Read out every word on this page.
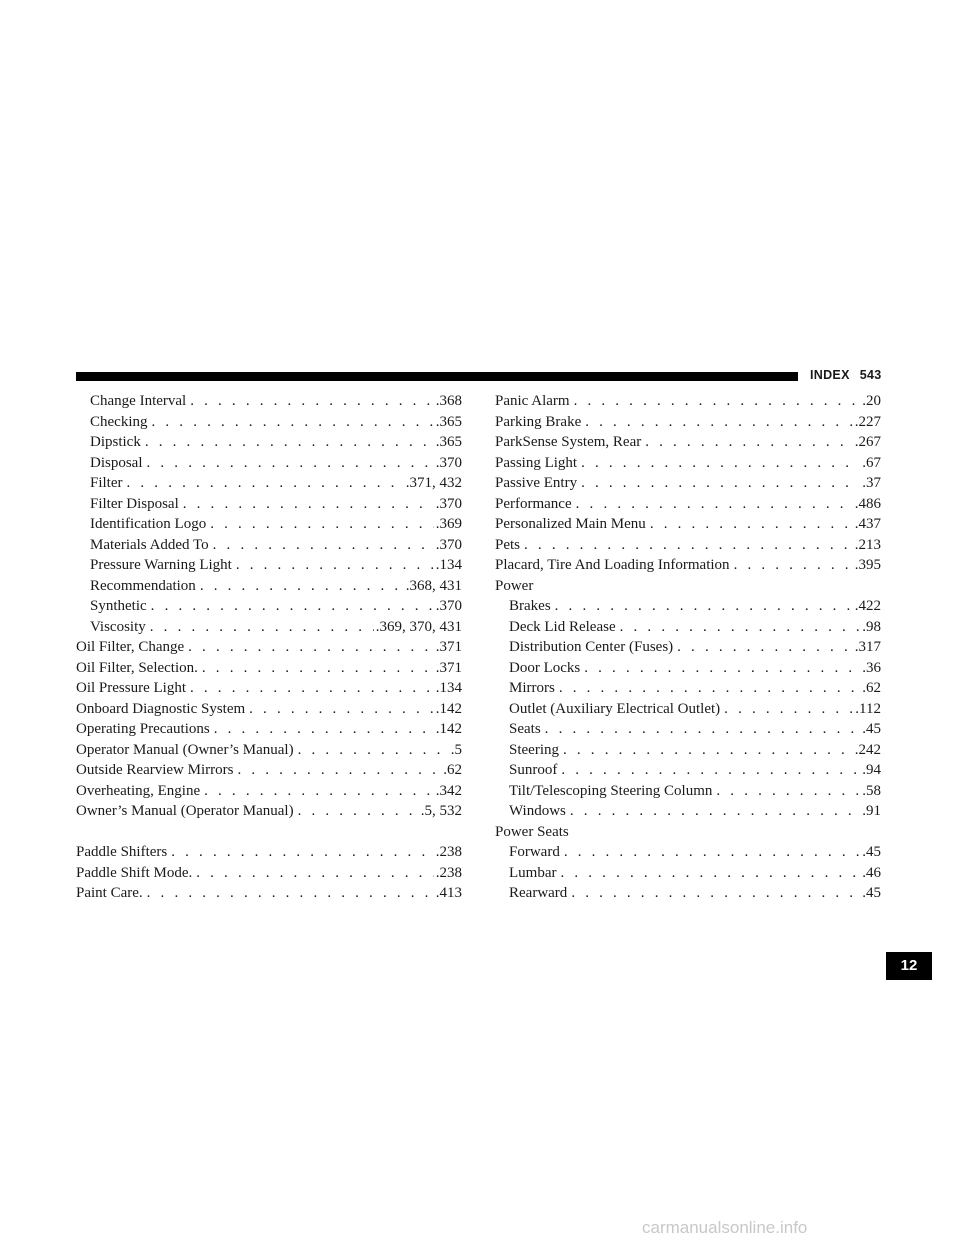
INDEX 543
Change Interval . . .	.368
Checking . . .	.365
Dipstick . . .	.365
Disposal . . .	.370
Filter . . .	.371, 432
Filter Disposal . . .	.370
Identification Logo . . .	.369
Materials Added To . . .	.370
Pressure Warning Light . . .	.134
Recommendation . . .	.368, 431
Synthetic . . .	.370
Viscosity . . .	.369, 370, 431
Oil Filter, Change . . .	.371
Oil Filter, Selection. . . .	.371
Oil Pressure Light . . .	.134
Onboard Diagnostic System . . .	.142
Operating Precautions . . .	.142
Operator Manual (Owner’s Manual) . . .	.5
Outside Rearview Mirrors . . .	.62
Overheating, Engine . . .	.342
Owner’s Manual (Operator Manual) . . .	.5, 532
Paddle Shifters . . .	.238
Paddle Shift Mode. . . .	.238
Paint Care. . . .	.413
Panic Alarm . . .	.20
Parking Brake . . .	.227
ParkSense System, Rear . . .	.267
Passing Light . . .	.67
Passive Entry . . .	.37
Performance . . .	.486
Personalized Main Menu . . .	.437
Pets . . .	.213
Placard, Tire And Loading Information . . .	.395
Power
Brakes . . .	.422
Deck Lid Release . . .	.98
Distribution Center (Fuses) . . .	.317
Door Locks . . .	.36
Mirrors . . .	.62
Outlet (Auxiliary Electrical Outlet) . . .	.112
Seats . . .	.45
Steering . . .	.242
Sunroof . . .	.94
Tilt/Telescoping Steering Column . . .	.58
Windows . . .	.91
Power Seats
Forward . . .	.45
Lumbar . . .	.46
Rearward . . .	.45
12
carmanualsonline.info
